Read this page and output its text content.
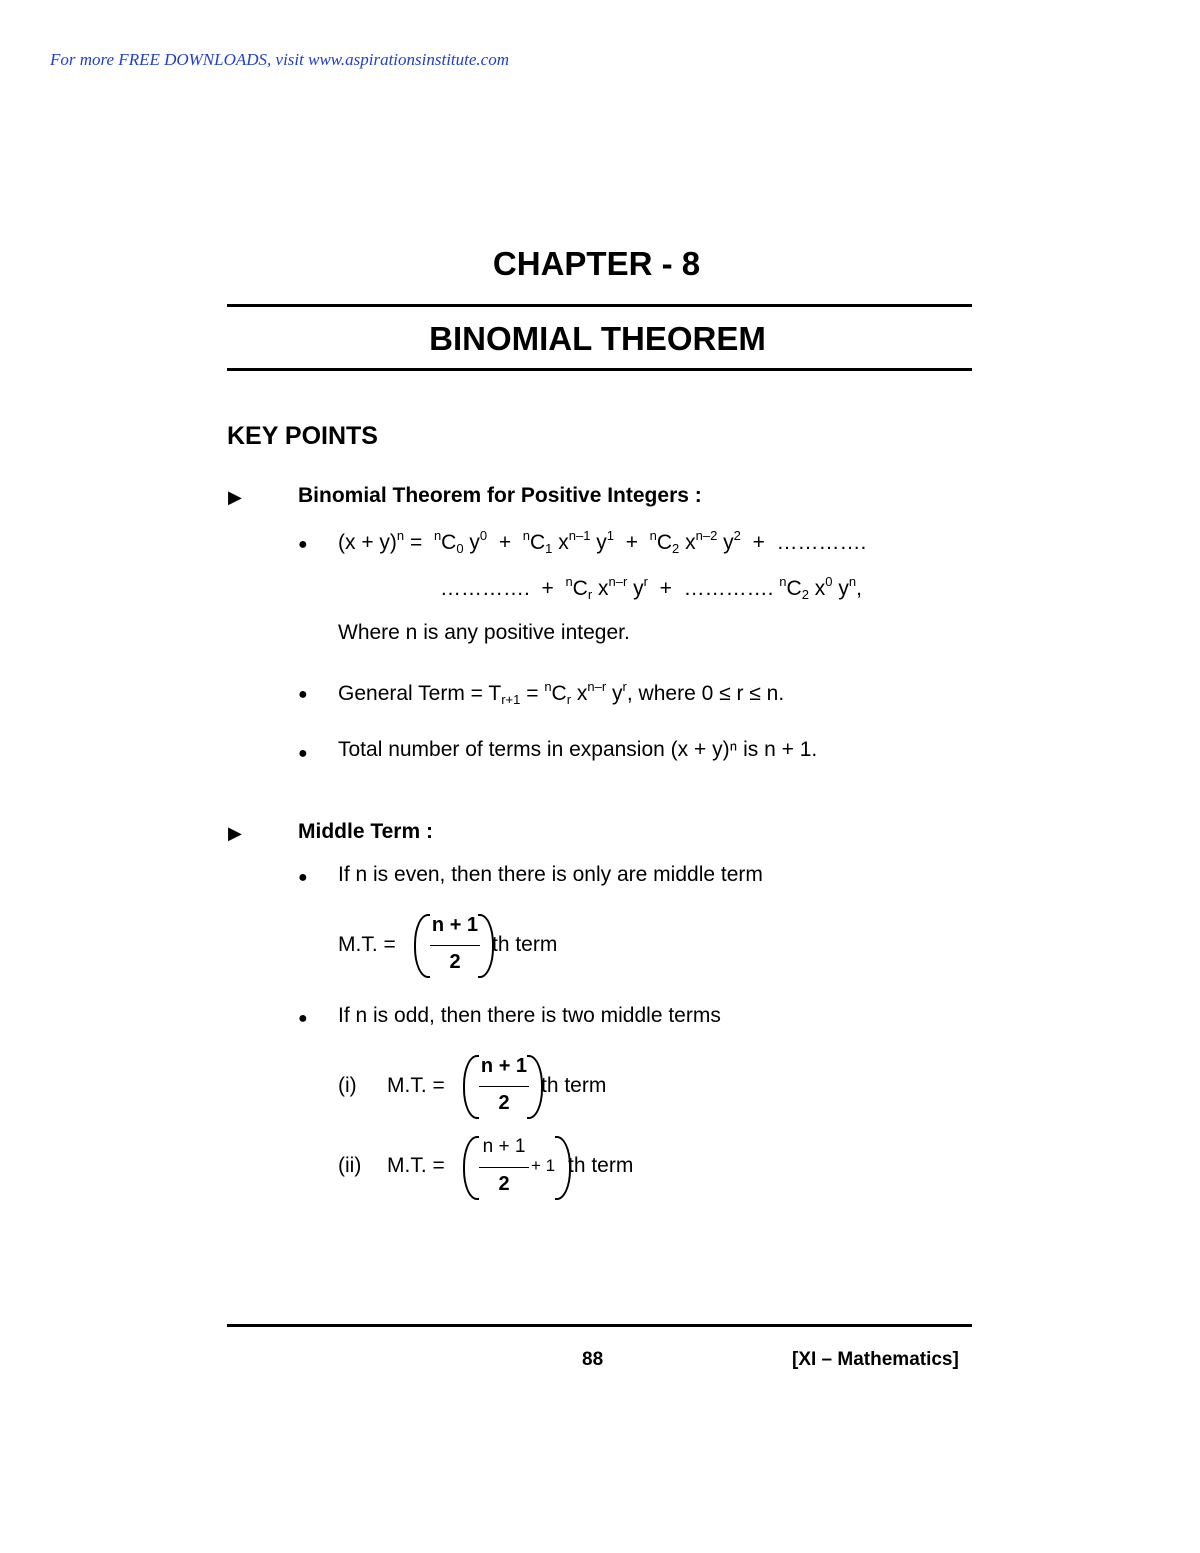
For more FREE DOWNLOADS, visit www.aspirationsinstitute.com
CHAPTER - 8
BINOMIAL THEOREM
KEY POINTS
▶	Binomial Theorem for Positive Integers :
● $(x + y)^n = ^nC_0$ $y^0 + ^nC_1$ $x^{n-1}$ $y^1 + ^nC_2$ $x^{n-2}$ $y^2$  +  ………….
………….  +  $^nC_r$ $x^{n-r}$ $y^r$  +  …………. $^nC_2$ $x^0$ $y^n$,
Where n is any positive integer.
● General Term = $T_{r+1} = ^nC_r$ $x^{n-r}$ $y^r$, where 0 ≤ r ≤ n.
● Total number of terms in expansion (x + y)ⁿ is n + 1.
▶	Middle Term :
● If n is even, then there is only are middle term
M.T. =
n + 1
2
th term
● If n is odd, then there is two middle terms
(i) M.T. =
n + 1
2
th term
(ii) M.T. =
n + 1
2
+ 1 th term
88	[XI – Mathematics]
